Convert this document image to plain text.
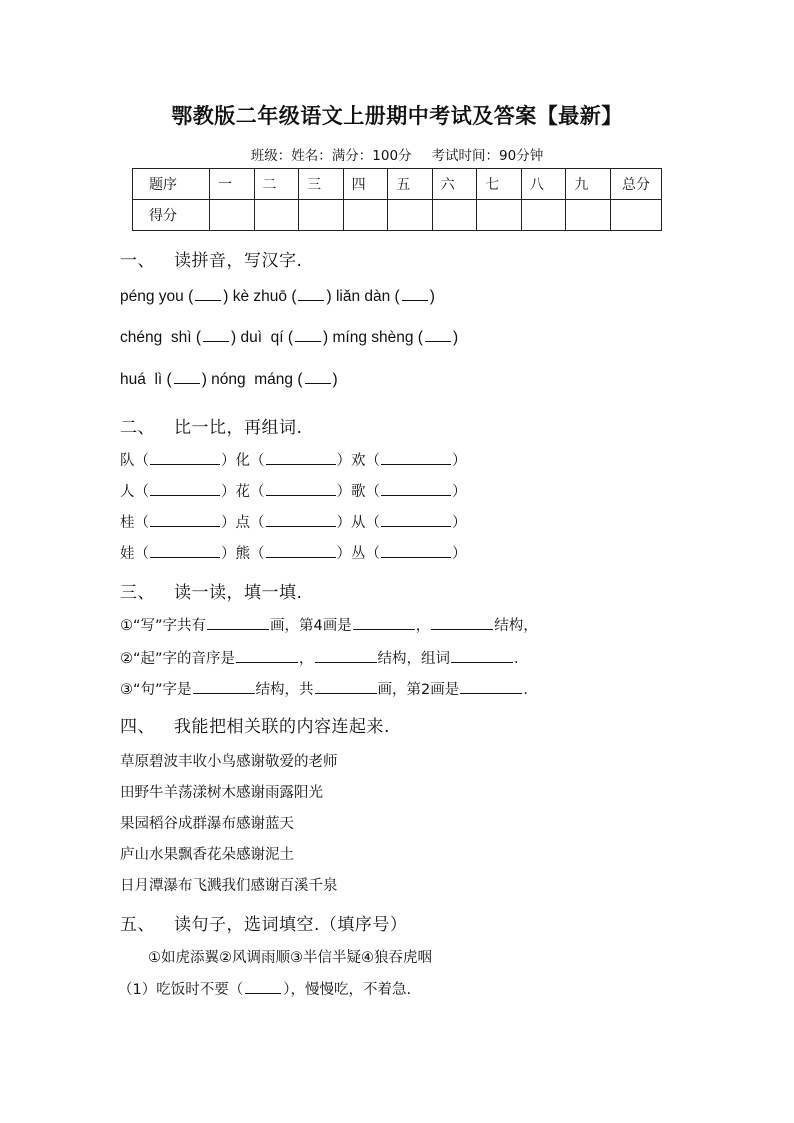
鄂教版二年级语文上册期中考试及答案【最新】
班级：姓名：满分：100分 考试时间：90分钟
题序	一	二	三	四	五	六	七	八	九	总分
得分										
一、 读拼音，写汉字.
péng you ( ) kè zhuō ( ) liǎn dàn ( )
chéng  shì ( ) duì  qí ( ) míng shèng ( )
huá  lì ( ) nóng  máng ( )
二、 比一比，再组词.
队（	）化（	）欢（	）
人（	）花（	）歌（	）
桂（	）点（	）从（	）
娃（	）熊（	）丛（	）
三、 读一读，填一填.
①“写”字共有	画，第4画是	，	结构，
②“起”字的音序是	，	结构，组词	.
③“句”字是	结构，共	画，第2画是	.
四、 我能把相关联的内容连起来.
草原碧波丰收小鸟感谢敬爱的老师
田野牛羊荡漾树木感谢雨露阳光
果园稻谷成群瀑布感谢蓝天
庐山水果飘香花朵感谢泥土
日月潭瀑布飞溅我们感谢百溪千泉
五、 读句子，选词填空.（填序号）
①如虎添翼②风调雨顺③半信半疑④狼吞虎咽
（1）吃饭时不要（	），慢慢吃，不着急.
